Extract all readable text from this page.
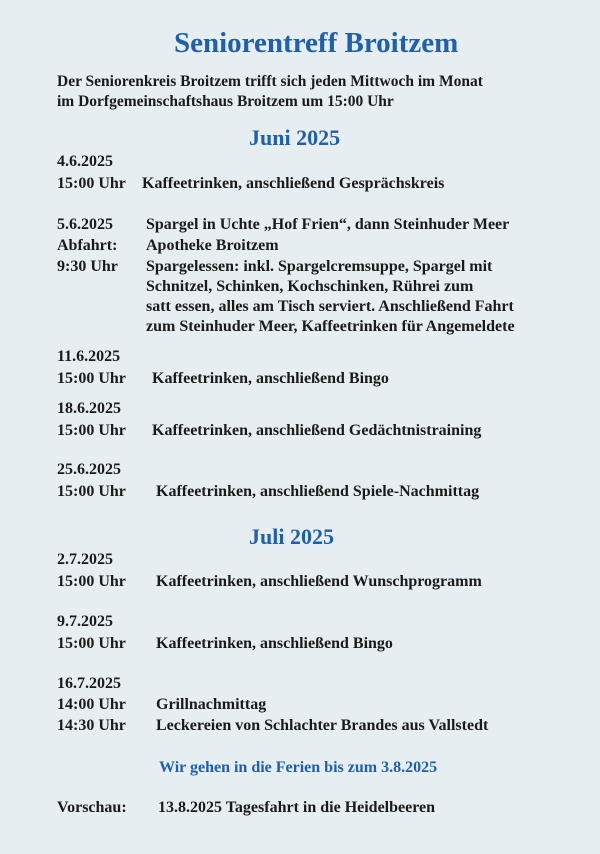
Seniorentreff Broitzem
Der Seniorenkreis Broitzem trifft sich jeden Mittwoch im Monat
im Dorfgemeinschaftshaus Broitzem um 15:00 Uhr
Juni 2025
4.6.2025
15:00 Uhr Kaffeetrinken, anschließend Gesprächskreis
5.6.2025 Spargel in Uchte „Hof Frien“, dann Steinhuder Meer
Abfahrt: Apotheke Broitzem
9:30 Uhr Spargelessen: inkl. Spargelcremsuppe, Spargel mit
Schnitzel, Schinken, Kochschinken, Rührei zum
satt essen, alles am Tisch serviert. Anschließend Fahrt
zum Steinhuder Meer, Kaffeetrinken für Angemeldete
11.6.2025
15:00 Uhr Kaffeetrinken, anschließend Bingo
18.6.2025
15:00 Uhr Kaffeetrinken, anschließend Gedächtnistraining
25.6.2025
15:00 Uhr Kaffeetrinken, anschließend Spiele-Nachmittag
Juli 2025
2.7.2025
15:00 Uhr Kaffeetrinken, anschließend Wunschprogramm
9.7.2025
15:00 Uhr Kaffeetrinken, anschließend Bingo
16.7.2025
14:00 Uhr Grillnachmittag
14:30 Uhr Leckereien von Schlachter Brandes aus Vallstedt
Wir gehen in die Ferien bis zum 3.8.2025
Vorschau: 13.8.2025 Tagesfahrt in die Heidelbeeren
